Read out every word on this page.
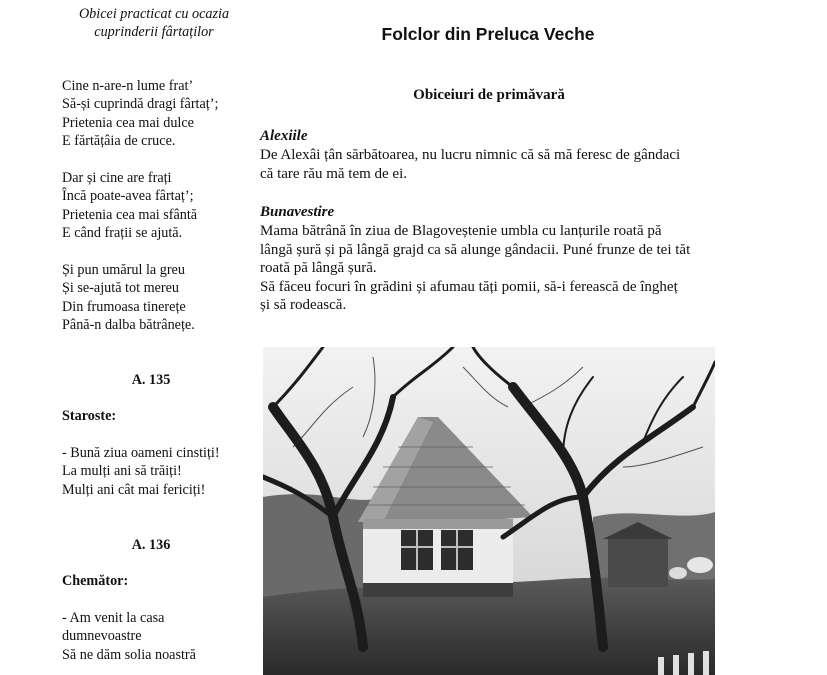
Obicei practicat cu ocazia cuprinderii fârtaților
Cine n-are-n lume frat’
Să-și cuprindă dragi fârtaț’;
Prietenia cea mai dulce
E fărtățâia de cruce.
Dar și cine are frați
Încă poate-avea fârtaț’;
Prietenia cea mai sfântă
E când frații se ajută.
Și pun umărul la greu
Și se-ajută tot mereu
Din frumoasa tinerețe
Până-n dalba bătrânețe.
A. 135
Staroste:
- Bună ziua oameni cinstiți!
La mulți ani să trăiți!
Mulți ani cât mai fericiți!
A. 136
Chemător:
- Am venit la casa
dumnevoastre
Să ne dăm solia noastră
Folclor din Preluca Veche
Obiceiuri de primăvară
Alexiile
De Alexâi țân sărbătoarea, nu lucru nimnic că să mă feresc de gândaci
că tare rău mă tem de ei.
Bunavestire
Mama bătrână în ziua de Blagoveștenie umbla cu lanțurile roată pă
lângă șură și pă lângă grajd ca să alunge gândacii. Puné frunze de tei tăt
roată pă lângă șură.
Să făceu focuri în grădini și afumau tăți pomii, să-i ferească de îngheț
și să rodească.
